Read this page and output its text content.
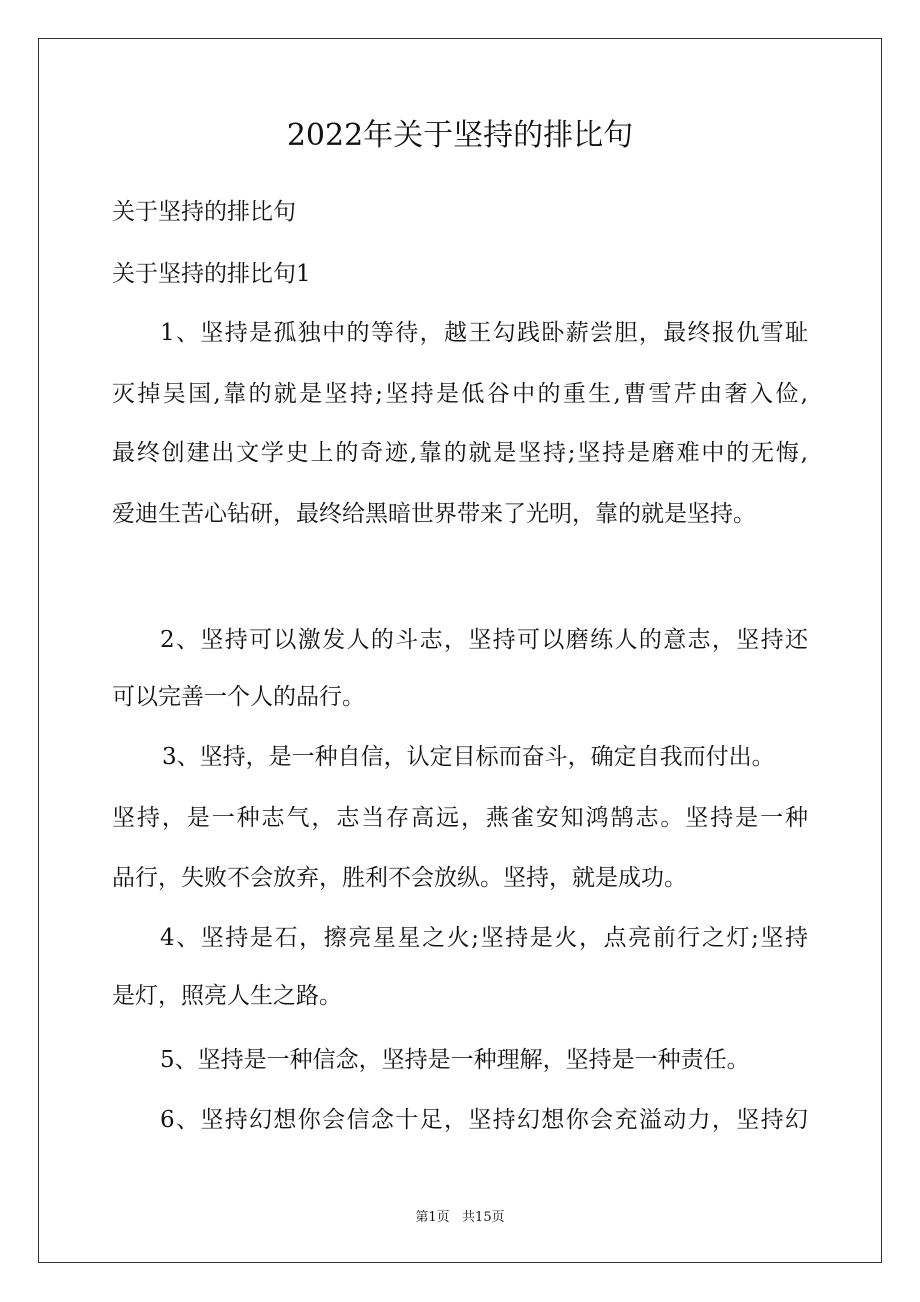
2022年关于坚持的排比句
关于坚持的排比句
关于坚持的排比句1
1、坚持是孤独中的等待，越王勾践卧薪尝胆，最终报仇雪耻
灭掉吴国,靠的就是坚持;坚持是低谷中的重生,曹雪芹由奢入俭,
最终创建出文学史上的奇迹,靠的就是坚持;坚持是磨难中的无悔,
爱迪生苦心钻研，最终给黑暗世界带来了光明，靠的就是坚持。
2、坚持可以激发人的斗志，坚持可以磨练人的意志，坚持还
可以完善一个人的品行。
3、坚持，是一种自信，认定目标而奋斗，确定自我而付出。
坚持，是一种志气，志当存高远，燕雀安知鸿鹄志。坚持是一种
品行，失败不会放弃，胜利不会放纵。坚持，就是成功。
4、坚持是石，擦亮星星之火;坚持是火，点亮前行之灯;坚持
是灯，照亮人生之路。
5、坚持是一种信念，坚持是一种理解，坚持是一种责任。
6、坚持幻想你会信念十足，坚持幻想你会充溢动力，坚持幻
第1页   共15页
